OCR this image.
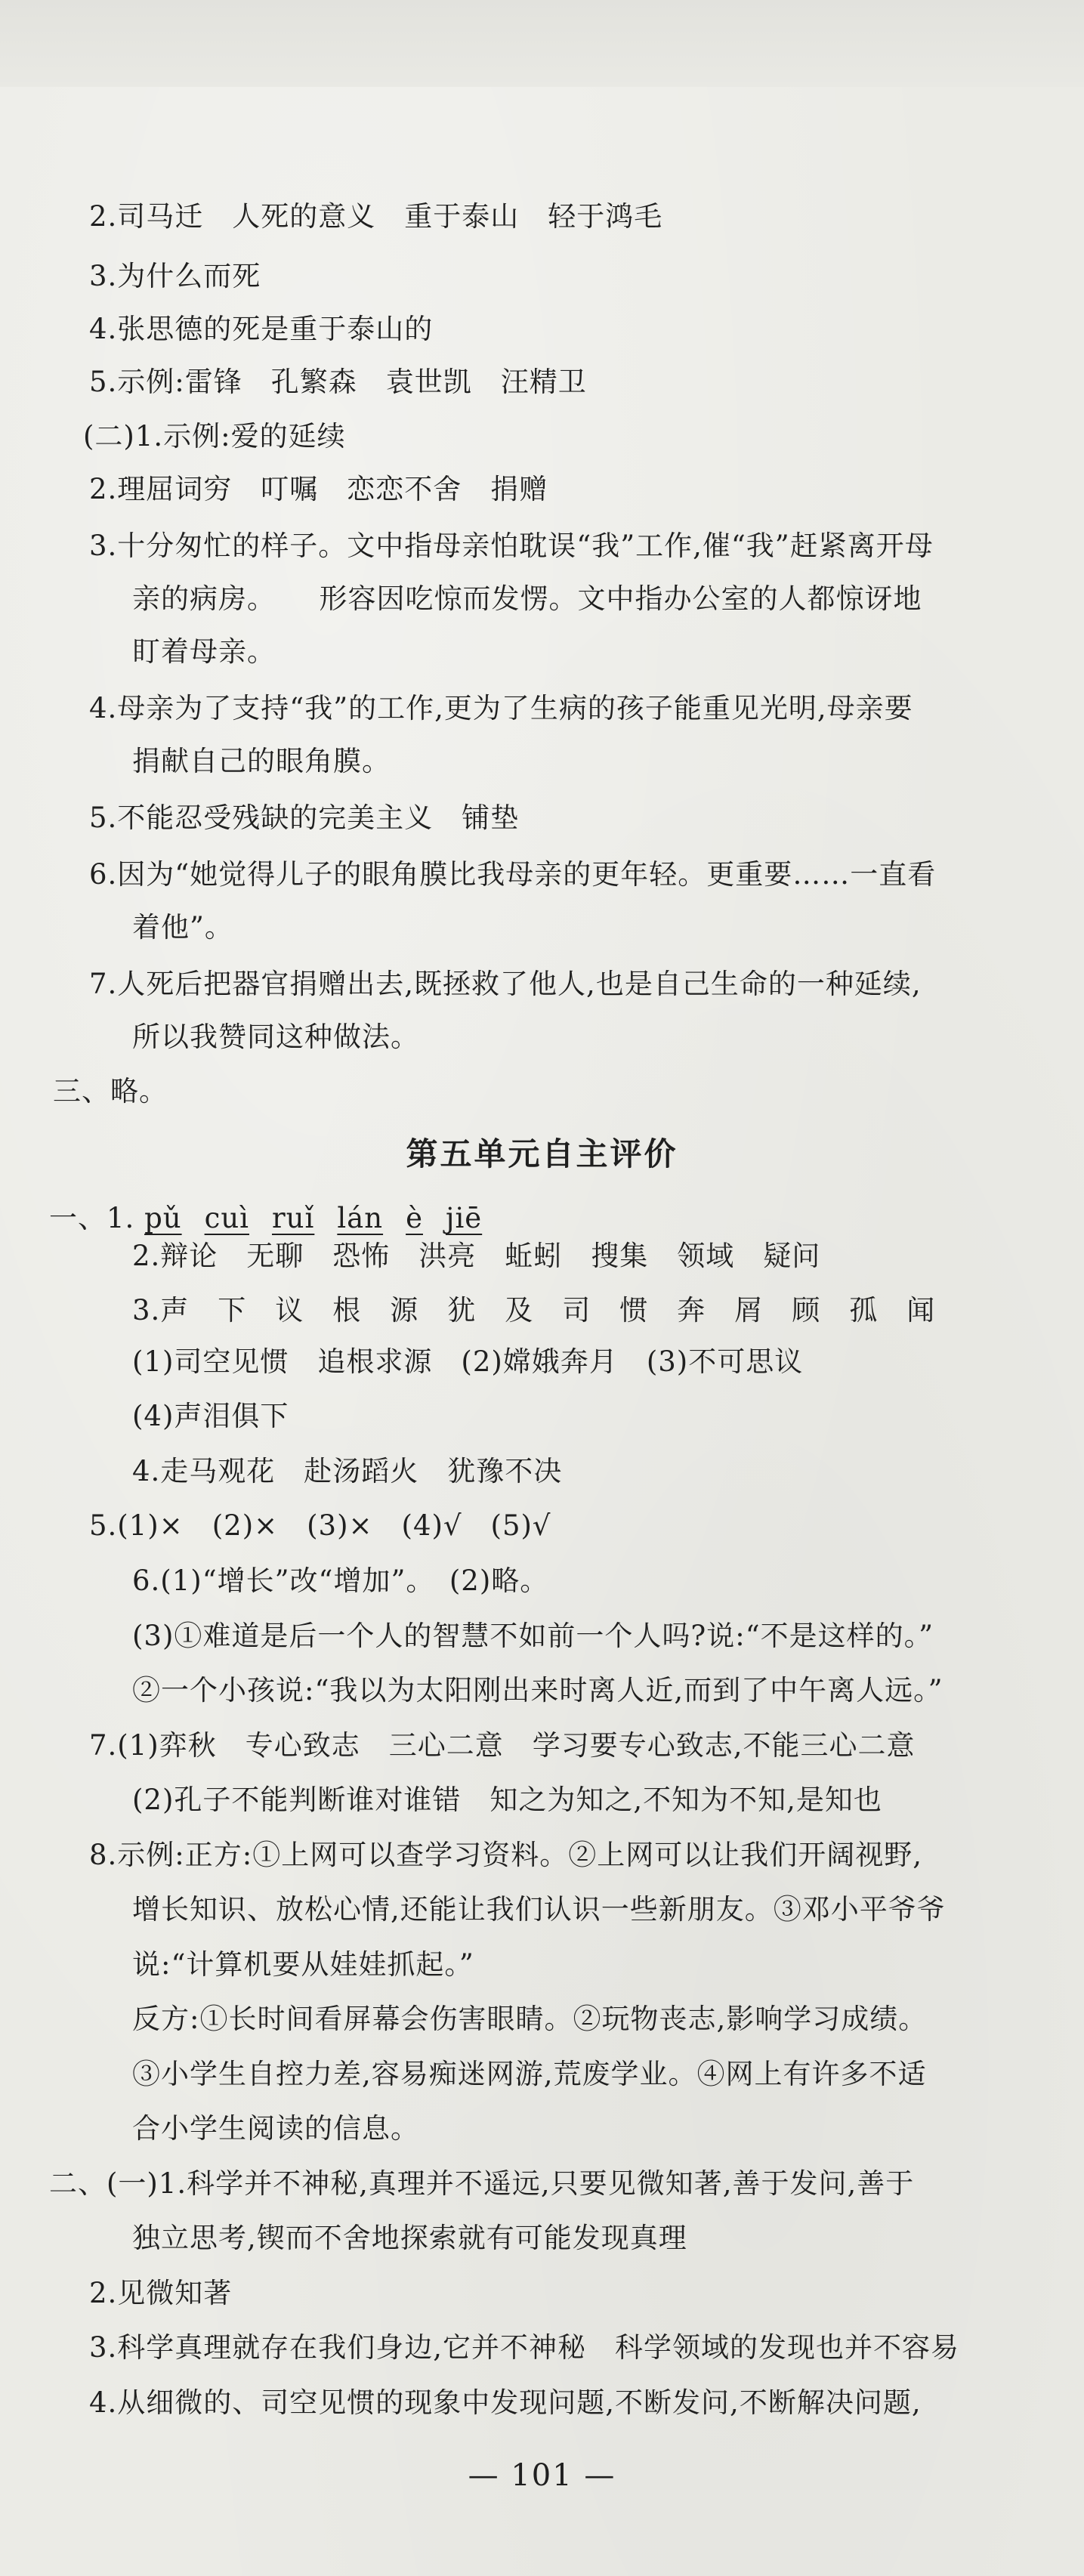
2.司马迁　人死的意义　重于泰山　轻于鸿毛
3.为什么而死
4.张思德的死是重于泰山的
5.示例:雷锋　孔繁森　袁世凯　汪精卫
(二)1.示例:爱的延续
2.理屈词穷　叮嘱　恋恋不舍　捐赠
3.十分匆忙的样子。文中指母亲怕耽误“我”工作,催“我”赶紧离开母
亲的病房。　　形容因吃惊而发愣。文中指办公室的人都惊讶地
盯着母亲。
4.母亲为了支持“我”的工作,更为了生病的孩子能重见光明,母亲要
捐献自己的眼角膜。
5.不能忍受残缺的完美主义　铺垫
6.因为“她觉得儿子的眼角膜比我母亲的更年轻。更重要……一直看
着他”。
7.人死后把器官捐赠出去,既拯救了他人,也是自己生命的一种延续,
所以我赞同这种做法。
三、略。
第五单元自主评价
一、1. pǔ cuì ruǐ lán è jiē
2.辩论　无聊　恐怖　洪亮　蚯蚓　搜集　领域　疑问
3.声　下　议　根　源　犹　及　司　惯　奔　屑　顾　孤　闻
(1)司空见惯　追根求源　(2)嫦娥奔月　(3)不可思议
(4)声泪俱下
4.走马观花　赴汤蹈火　犹豫不决
5.(1)×　(2)×　(3)×　(4)√　(5)√
6.(1)“增长”改“增加”。　(2)略。
(3)①难道是后一个人的智慧不如前一个人吗?说:“不是这样的。”
②一个小孩说:“我以为太阳刚出来时离人近,而到了中午离人远。”
7.(1)弈秋　专心致志　三心二意　学习要专心致志,不能三心二意
(2)孔子不能判断谁对谁错　知之为知之,不知为不知,是知也
8.示例:正方:①上网可以查学习资料。②上网可以让我们开阔视野,
增长知识、放松心情,还能让我们认识一些新朋友。③邓小平爷爷
说:“计算机要从娃娃抓起。”
反方:①长时间看屏幕会伤害眼睛。②玩物丧志,影响学习成绩。
③小学生自控力差,容易痴迷网游,荒废学业。④网上有许多不适
合小学生阅读的信息。
二、(一)1.科学并不神秘,真理并不遥远,只要见微知著,善于发问,善于
独立思考,锲而不舍地探索就有可能发现真理
2.见微知著
3.科学真理就存在我们身边,它并不神秘　科学领域的发现也并不容易
4.从细微的、司空见惯的现象中发现问题,不断发问,不断解决问题,
— 101 —
